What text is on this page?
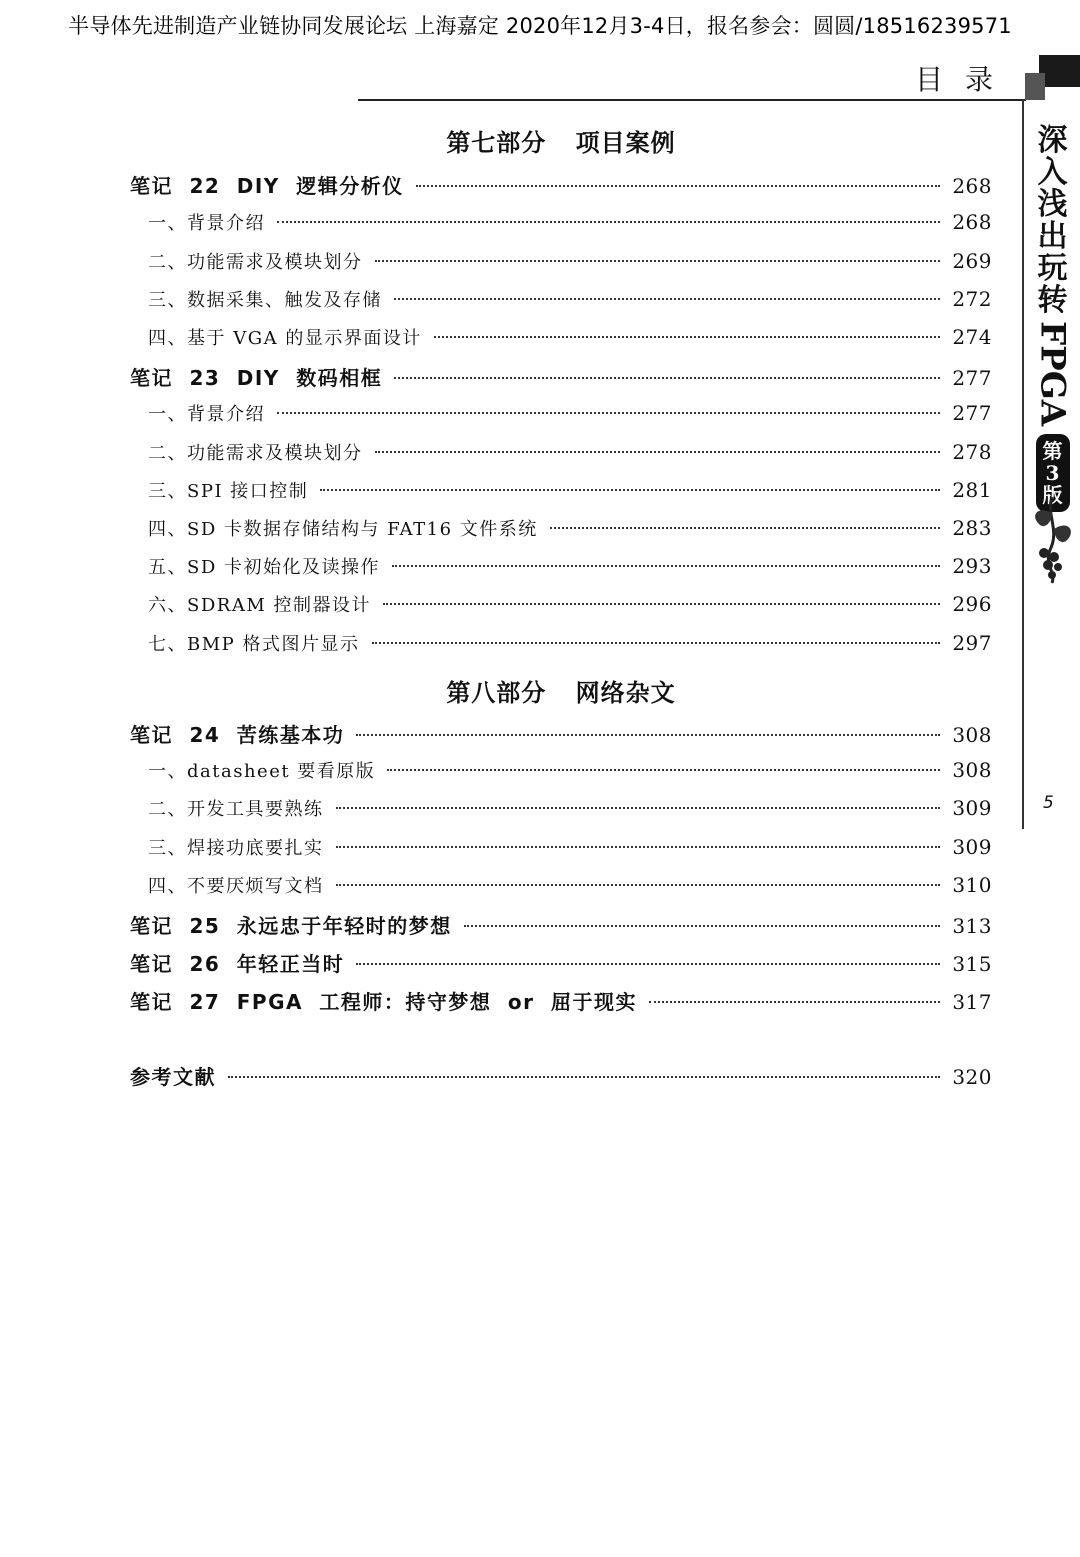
半导体先进制造产业链协同发展论坛 上海嘉定 2020年12月3-4日，报名参会：圆圆/18516239571
目录
深
入
浅
出
玩
转
FPGA
第3版
5
第七部分 项目案例
笔记 22 DIY 逻辑分析仪	268
一、背景介绍	268
二、功能需求及模块划分	269
三、数据采集、触发及存储	272
四、基于 VGA 的显示界面设计	274
笔记 23 DIY 数码相框	277
一、背景介绍	277
二、功能需求及模块划分	278
三、SPI 接口控制	281
四、SD 卡数据存储结构与 FAT16 文件系统	283
五、SD 卡初始化及读操作	293
六、SDRAM 控制器设计	296
七、BMP 格式图片显示	297
第八部分 网络杂文
笔记 24 苦练基本功	308
一、datasheet 要看原版	308
二、开发工具要熟练	309
三、焊接功底要扎实	309
四、不要厌烦写文档	310
笔记 25 永远忠于年轻时的梦想	313
笔记 26 年轻正当时	315
笔记 27 FPGA 工程师：持守梦想 or 屈于现实	317
参考文献	320
